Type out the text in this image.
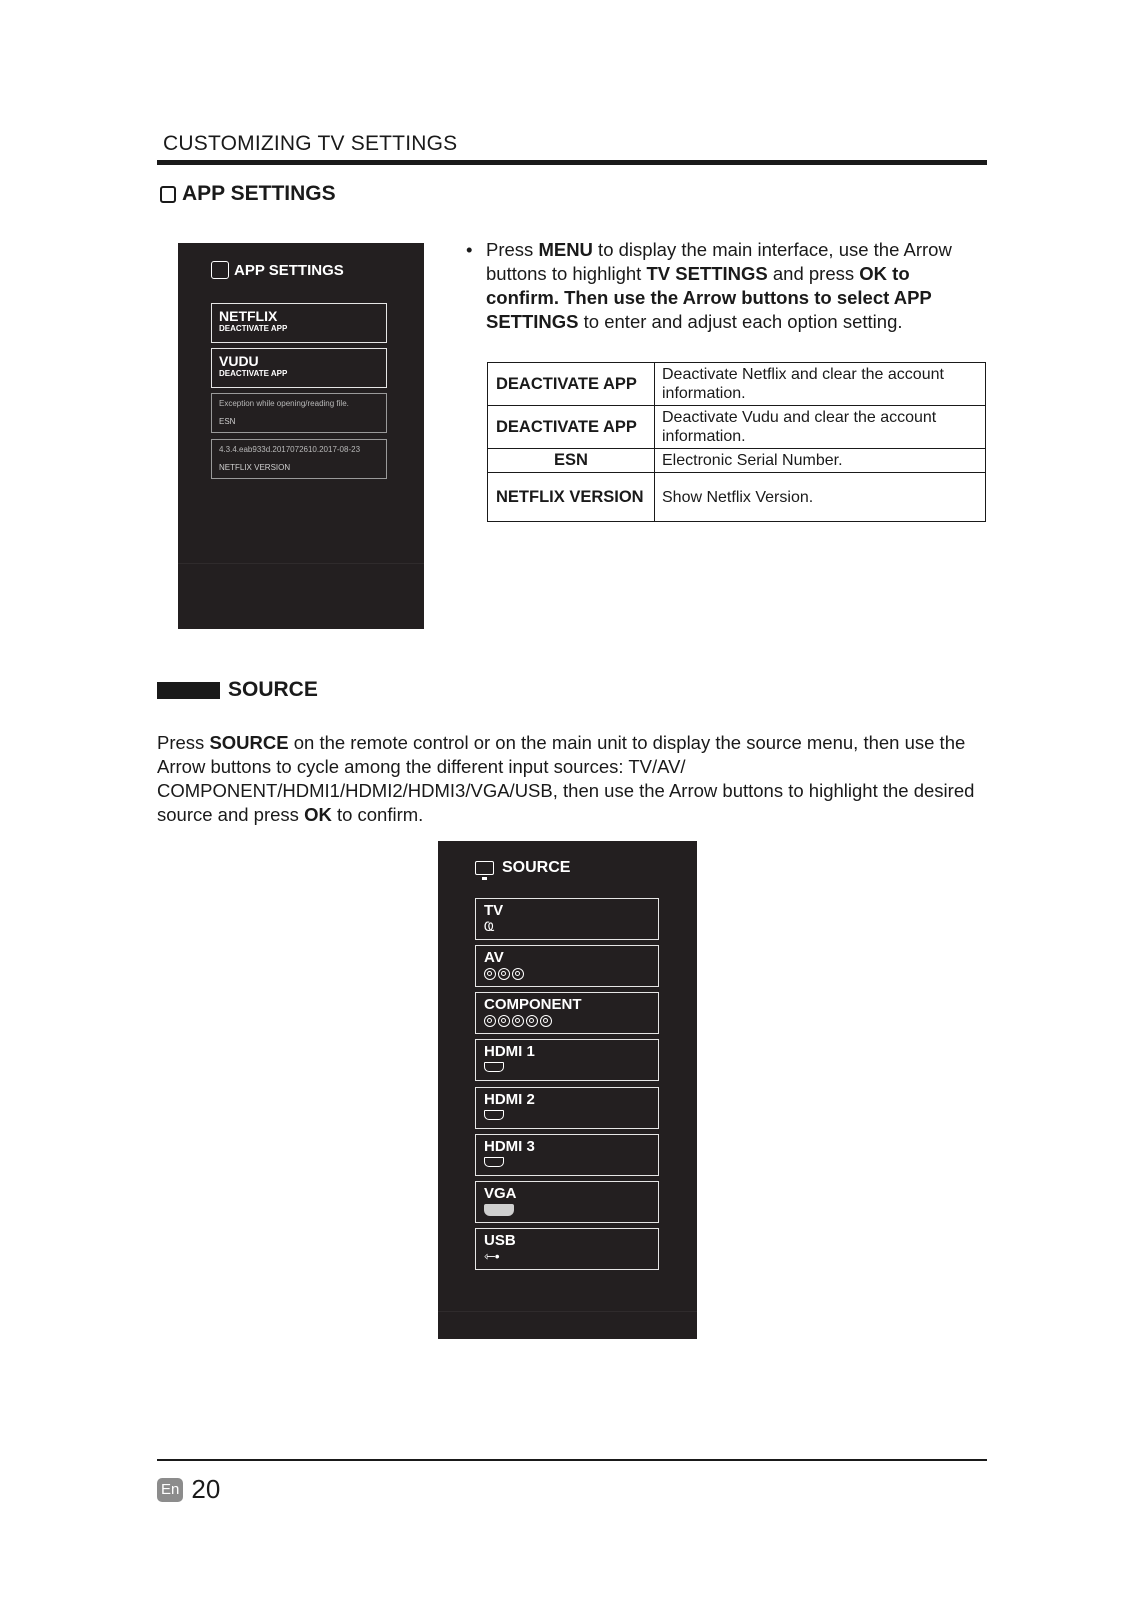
CUSTOMIZING TV SETTINGS
APP SETTINGS
APP SETTINGS
NETFLIX
DEACTIVATE APP
VUDU
DEACTIVATE APP
Exception while opening/reading file.
ESN
4.3.4.eab933d.20170726​10.2017-08-23
NETFLIX VERSION
• Press MENU to display the main interface, use the Arrow buttons to highlight TV SETTINGS and press OK to confirm. Then use the Arrow buttons to select APP SETTINGS to enter and adjust each option setting.
DEACTIVATE APP	Deactivate Netflix and clear the account information.
DEACTIVATE APP	Deactivate Vudu and clear the account information.
ESN	Electronic Serial Number.
NETFLIX VERSION	Show Netflix Version.
SOURCE
Press SOURCE on the remote control or on the main unit to display the source menu, then use the Arrow buttons to cycle among the different input sources: TV/AV/ COMPONENT/HDMI1/HDMI2/HDMI3/VGA/USB, then use the Arrow buttons to highlight the desired source and press OK to confirm.
SOURCE
TV
Ҩ
AV
COMPONENT
HDMI 1
HDMI 2
HDMI 3
VGA
USB
⇽•
En 20
